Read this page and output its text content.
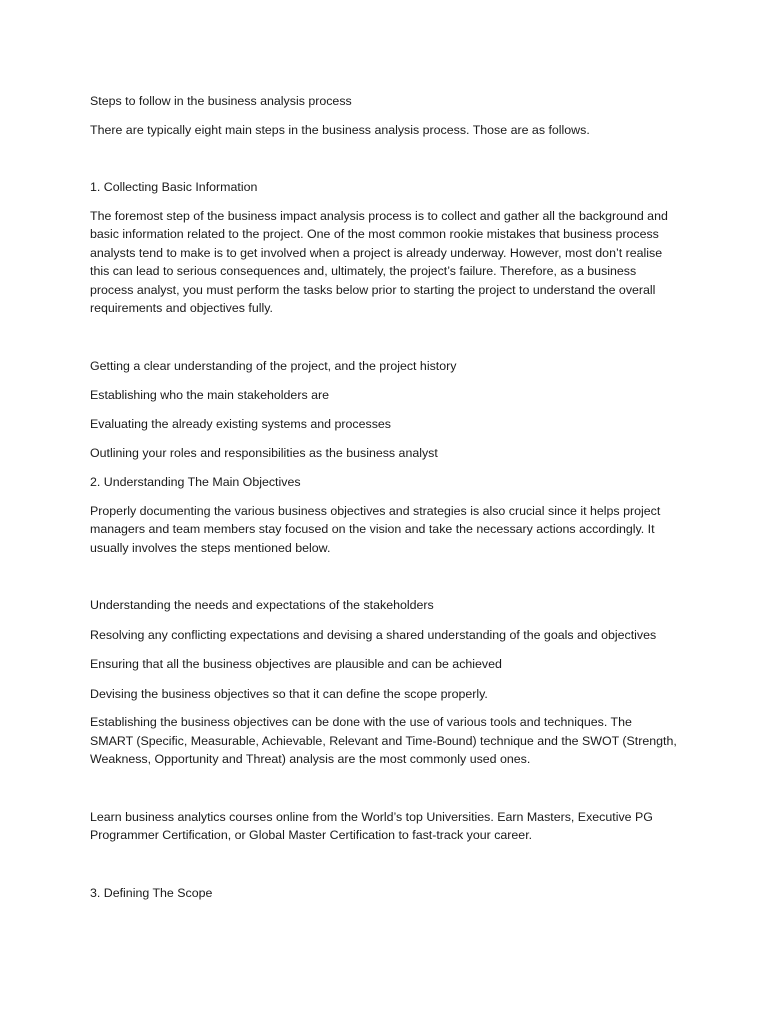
Steps to follow in the business analysis process

There are typically eight main steps in the business analysis process. Those are as follows.

1. Collecting Basic Information

The foremost step of the business impact analysis process is to collect and gather all the background and
basic information related to the project. One of the most common rookie mistakes that business process
analysts tend to make is to get involved when a project is already underway. However, most don’t realise
this can lead to serious consequences and, ultimately, the project’s failure. Therefore, as a business
process analyst, you must perform the tasks below prior to starting the project to understand the overall
requirements and objectives fully.

Getting a clear understanding of the project, and the project history

Establishing who the main stakeholders are

Evaluating the already existing systems and processes

Outlining your roles and responsibilities as the business analyst

2. Understanding The Main Objectives

Properly documenting the various business objectives and strategies is also crucial since it helps project
managers and team members stay focused on the vision and take the necessary actions accordingly. It
usually involves the steps mentioned below.

Understanding the needs and expectations of the stakeholders

Resolving any conflicting expectations and devising a shared understanding of the goals and objectives

Ensuring that all the business objectives are plausible and can be achieved

Devising the business objectives so that it can define the scope properly.

Establishing the business objectives can be done with the use of various tools and techniques. The
SMART (Specific, Measurable, Achievable, Relevant and Time-Bound) technique and the SWOT (Strength,
Weakness, Opportunity and Threat) analysis are the most commonly used ones.
Learn business analytics courses online from the World’s top Universities. Earn Masters, Executive PG
Programmer Certification, or Global Master Certification to fast-track your career.

3. Defining The Scope
